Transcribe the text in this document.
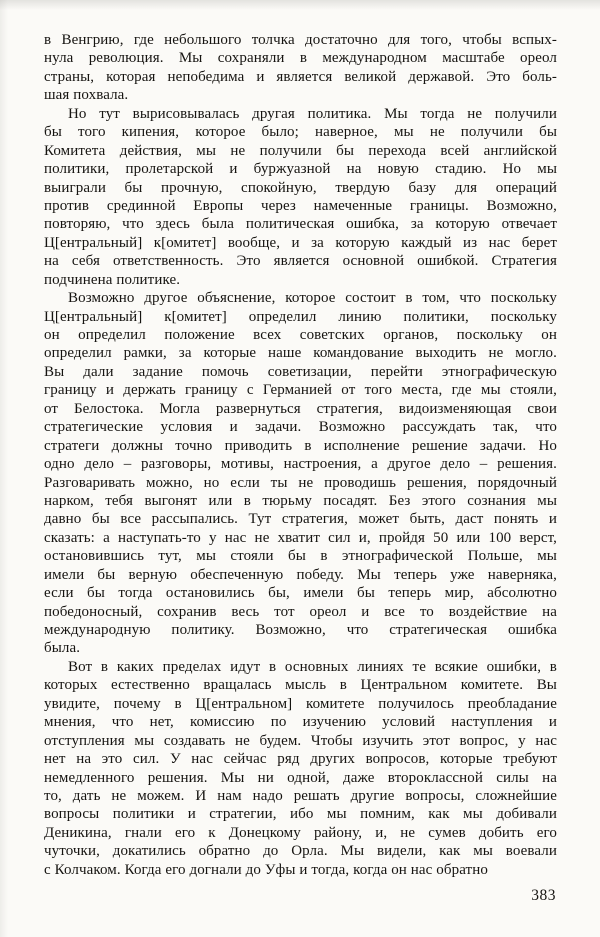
в Венгрию, где небольшого толчка достаточно для того, чтобы вспых-
нула революция. Мы сохраняли в международном масштабе ореол
страны, которая непобедима и является великой державой. Это боль-
шая похвала.
Но тут вырисовывалась другая политика. Мы тогда не получили
бы того кипения, которое было; наверное, мы не получили бы
Комитета действия, мы не получили бы перехода всей английской
политики, пролетарской и буржуазной на новую стадию. Но мы
выиграли бы прочную, спокойную, твердую базу для операций
против срединной Европы через намеченные границы. Возможно,
повторяю, что здесь была политическая ошибка, за которую отвечает
Ц[ентральный] к[омитет] вообще, и за которую каждый из нас берет
на себя ответственность. Это является основной ошибкой. Стратегия
подчинена политике.
Возможно другое объяснение, которое состоит в том, что поскольку
Ц[ентральный] к[омитет] определил линию политики, поскольку
он определил положение всех советских органов, поскольку он
определил рамки, за которые наше командование выходить не могло.
Вы дали задание помочь советизации, перейти этнографическую
границу и держать границу с Германией от того места, где мы стояли,
от Белостока. Могла развернуться стратегия, видоизменяющая свои
стратегические условия и задачи. Возможно рассуждать так, что
стратеги должны точно приводить в исполнение решение задачи. Но
одно дело – разговоры, мотивы, настроения, а другое дело – решения.
Разговаривать можно, но если ты не проводишь решения, порядочный
нарком, тебя выгонят или в тюрьму посадят. Без этого сознания мы
давно бы все рассыпались. Тут стратегия, может быть, даст понять и
сказать: а наступать-то у нас не хватит сил и, пройдя 50 или 100 верст,
остановившись тут, мы стояли бы в этнографической Польше, мы
имели бы верную обеспеченную победу. Мы теперь уже наверняка,
если бы тогда остановились бы, имели бы теперь мир, абсолютно
победоносный, сохранив весь тот ореол и все то воздействие на
международную политику. Возможно, что стратегическая ошибка
была.
Вот в каких пределах идут в основных линиях те всякие ошибки, в
которых естественно вращалась мысль в Центральном комитете. Вы
увидите, почему в Ц[ентральном] комитете получилось преобладание
мнения, что нет, комиссию по изучению условий наступления и
отступления мы создавать не будем. Чтобы изучить этот вопрос, у нас
нет на это сил. У нас сейчас ряд других вопросов, которые требуют
немедленного решения. Мы ни одной, даже второклассной силы на
то, дать не можем. И нам надо решать другие вопросы, сложнейшие
вопросы политики и стратегии, ибо мы помним, как мы добивали
Деникина, гнали его к Донецкому району, и, не сумев добить его
чуточки, докатились обратно до Орла. Мы видели, как мы воевали
с Колчаком. Когда его догнали до Уфы и тогда, когда он нас обратно
383
